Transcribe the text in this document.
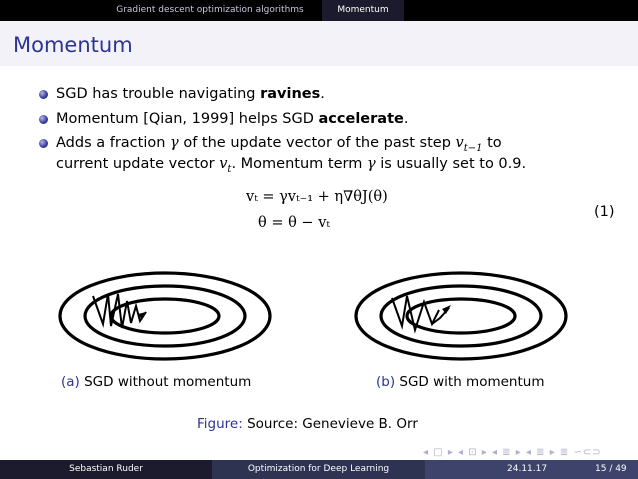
Gradient descent optimization algorithms	Momentum
Momentum
SGD has trouble navigating ravines.
Momentum [Qian, 1999] helps SGD accelerate.
Adds a fraction γ of the update vector of the past step $v_{t-1}$ to
current update vector $v_t$. Momentum term γ is usually set to 0.9.
vₜ = γvₜ₋₁ + η∇θJ(θ)
θ = θ − vₜ
(1)
(a) SGD without momentum	(b) SGD with momentum
Figure: Source: Genevieve B. Orr
◂ □ ▸ ◂ ⊡ ▸ ◂ ≣ ▸ ◂ ≣ ▸ ≣ ∽⊂⊃
Sebastian Ruder	Optimization for Deep Learning	24.11.17	15 / 49
